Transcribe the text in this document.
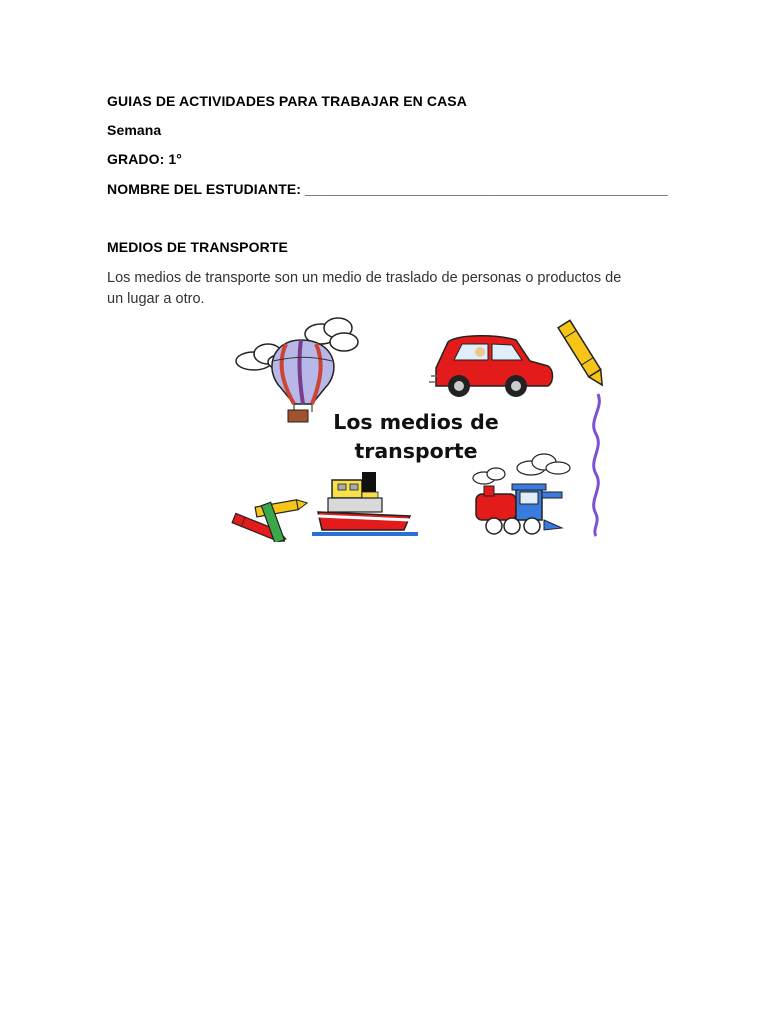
GUIAS DE ACTIVIDADES PARA TRABAJAR EN CASA
Semana
GRADO: 1°
NOMBRE DEL ESTUDIANTE: ______________________________________________
MEDIOS DE TRANSPORTE
Los medios de transporte son un medio de traslado de personas o productos de
un lugar a otro.
Los medios de
transporte
